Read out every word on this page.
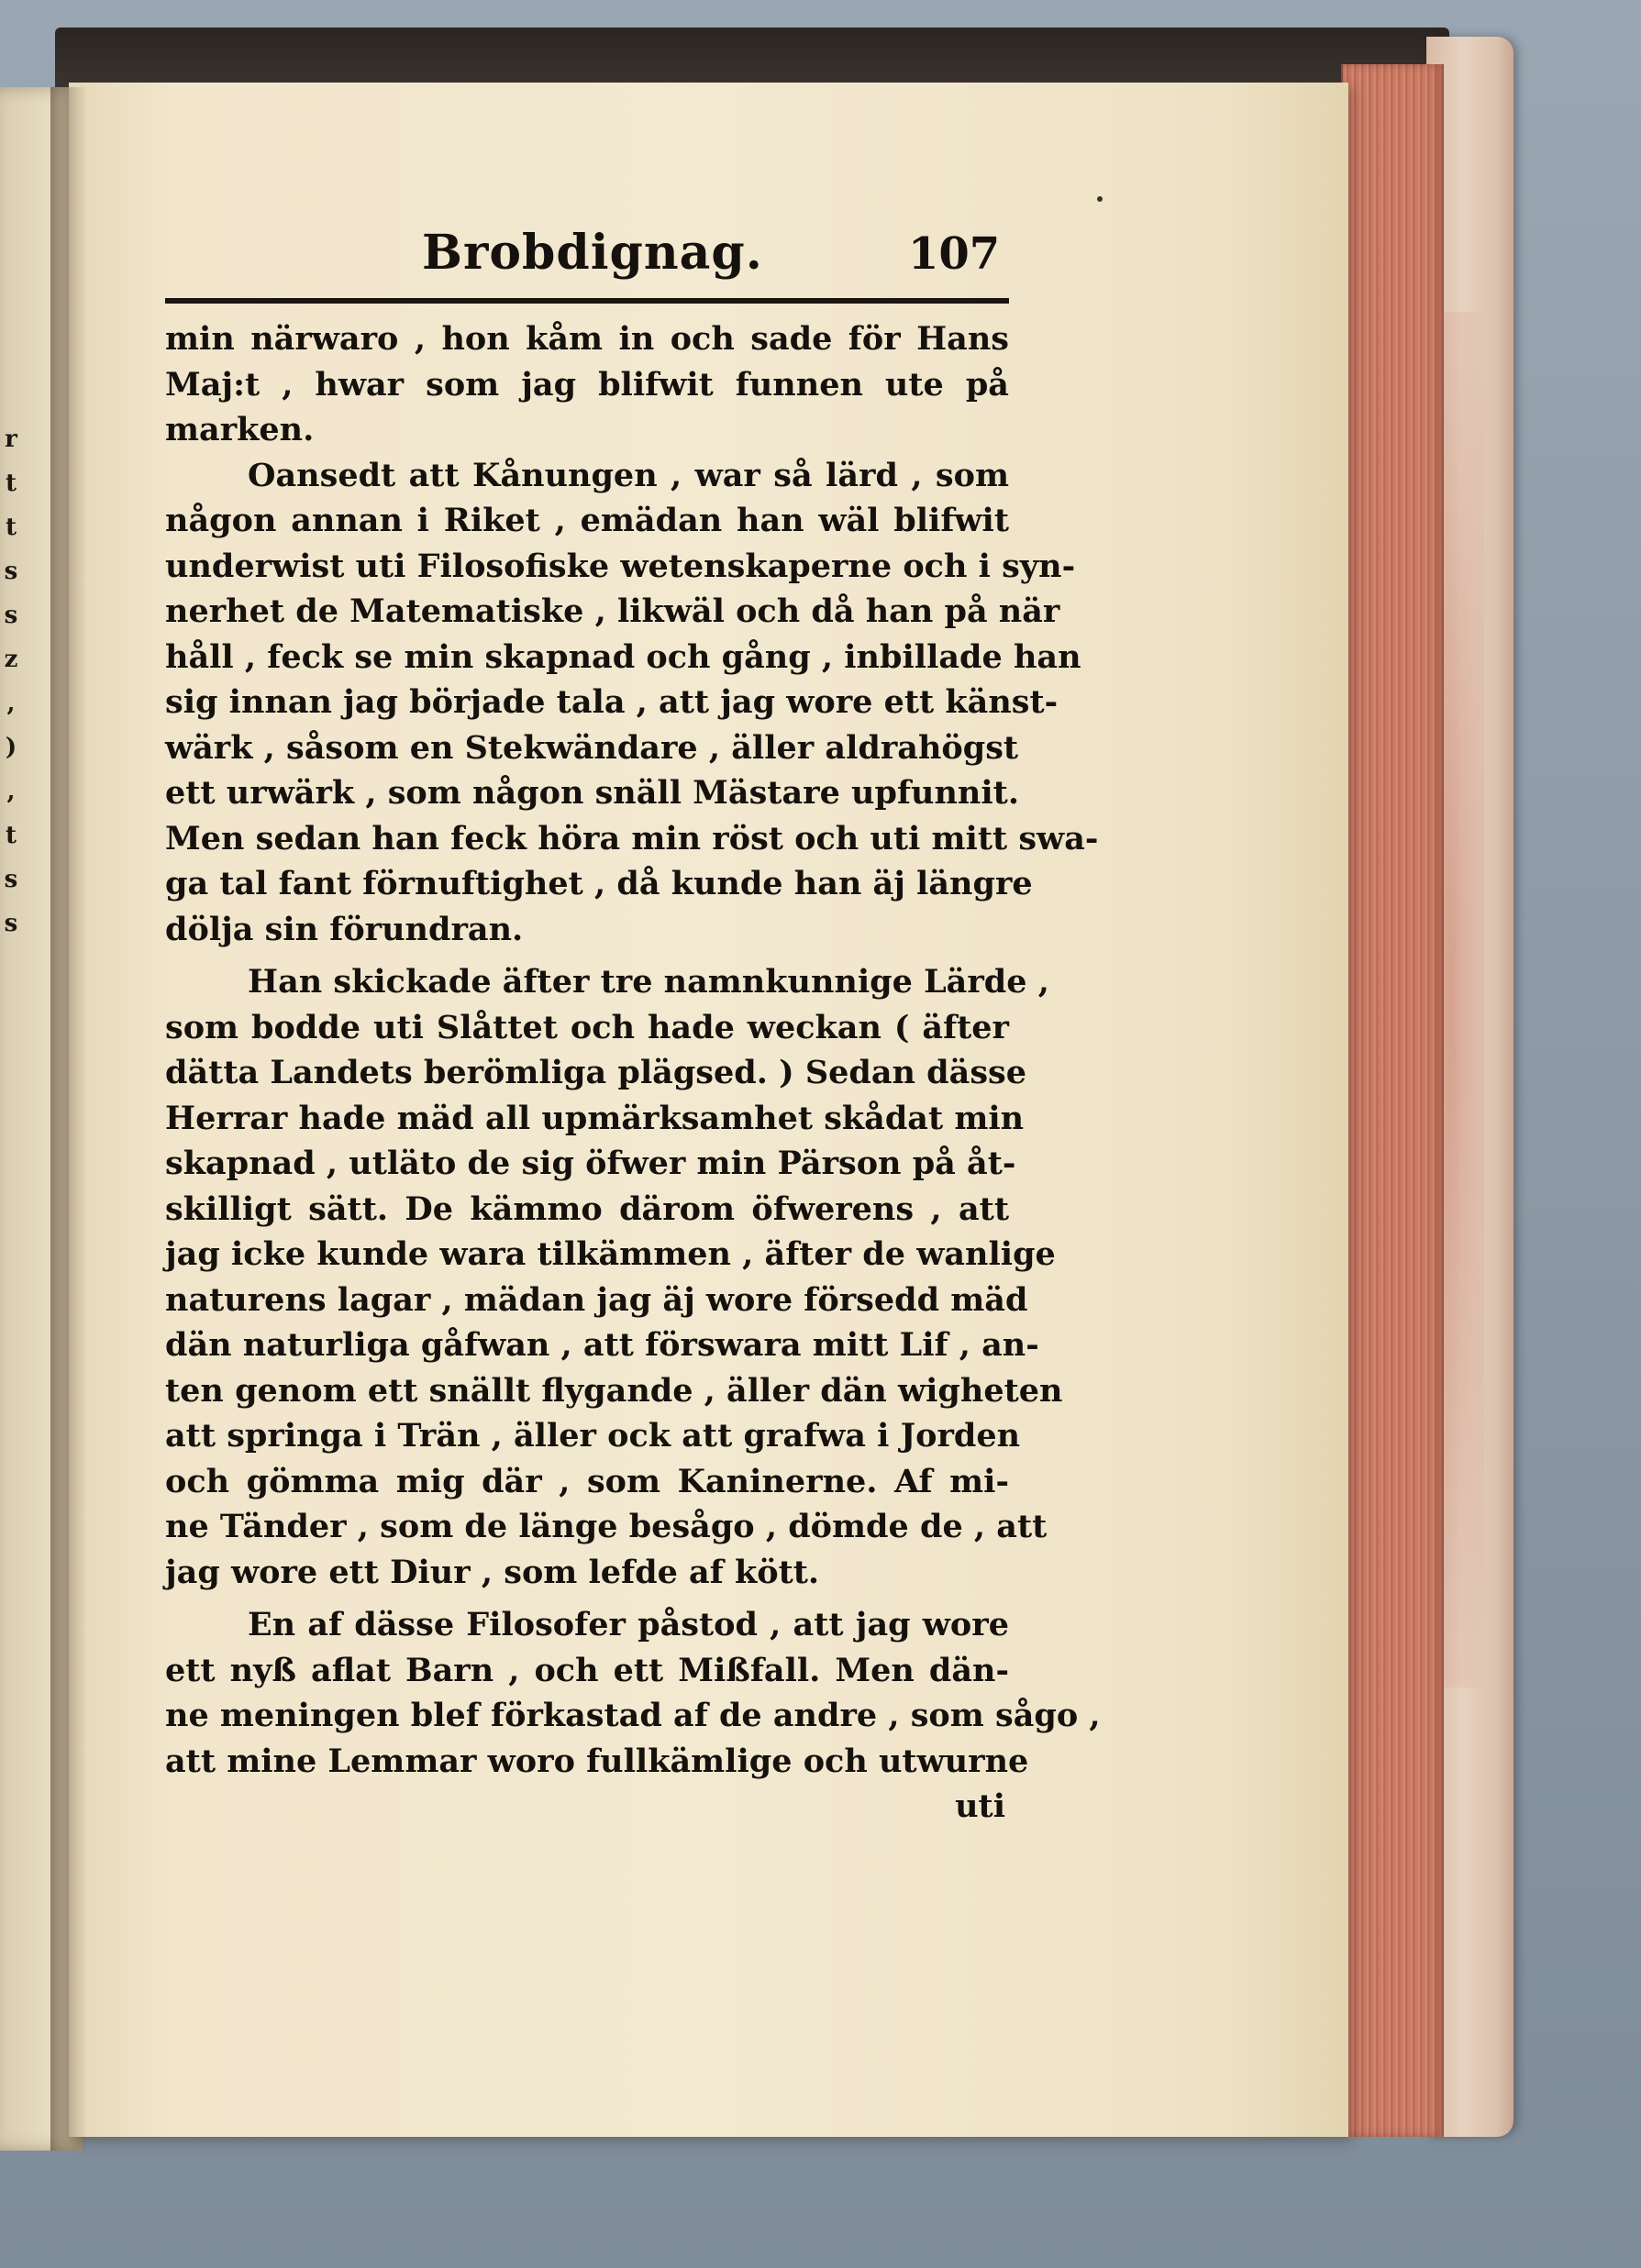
r
t
t
s
s
z
,
)
,
t
s
s
Brobdignag.	107
min närwaro , hon kåm in och sade för Hans
Maj:t , hwar som jag blifwit funnen ute på
marken.
Oansedt att Kånungen , war så lärd , som
någon annan i Riket , emädan han wäl blifwit
underwist uti Filosofiske wetenskaperne och i syn-
nerhet de Matematiske , likwäl och då han på när
håll , feck se min skapnad och gång , inbillade han
sig innan jag började tala , att jag wore ett känst-
wärk , såsom en Stekwändare , äller aldrahögst
ett urwärk , som någon snäll Mästare upfunnit.
Men sedan han feck höra min röst och uti mitt swa-
ga tal fant förnuftighet , då kunde han äj längre
dölja sin förundran.
Han skickade äfter tre namnkunnige Lärde ,
som bodde uti Slåttet och hade weckan ( äfter
dätta Landets berömliga plägsed. ) Sedan dässe
Herrar hade mäd all upmärksamhet skådat min
skapnad , utläto de sig öfwer min Pärson på åt-
skilligt sätt. De kämmo därom öfwerens , att
jag icke kunde wara tilkämmen , äfter de wanlige
naturens lagar , mädan jag äj wore försedd mäd
dän naturliga gåfwan , att förswara mitt Lif , an-
ten genom ett snällt flygande , äller dän wigheten
att springa i Trän , äller ock att grafwa i Jorden
och gömma mig där , som Kaninerne. Af mi-
ne Tänder , som de länge besågo , dömde de , att
jag wore ett Diur , som lefde af kött.
En af dässe Filosofer påstod , att jag wore
ett nyß aflat Barn , och ett Mißfall. Men dän-
ne meningen blef förkastad af de andre , som sågo ,
att mine Lemmar woro fullkämlige och utwurne
uti
